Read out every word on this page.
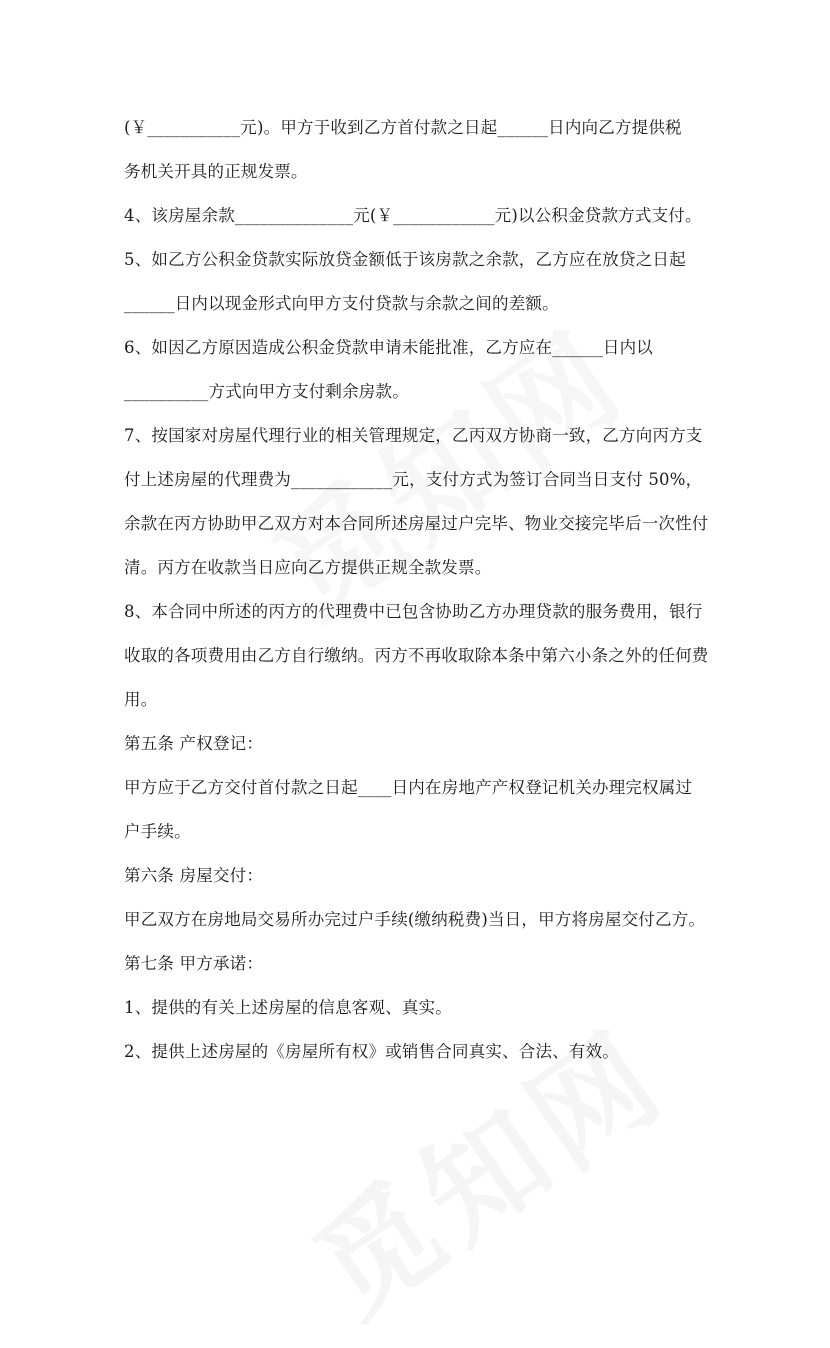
(￥___________元)。甲方于收到乙方首付款之日起______日内向乙方提供税
务机关开具的正规发票。
4、该房屋余款______________元(￥____________元)以公积金贷款方式支付。
5、如乙方公积金贷款实际放贷金额低于该房款之余款，乙方应在放贷之日起
______日内以现金形式向甲方支付贷款与余款之间的差额。
6、如因乙方原因造成公积金贷款申请未能批准，乙方应在______日内以
__________方式向甲方支付剩余房款。
7、按国家对房屋代理行业的相关管理规定，乙丙双方协商一致，乙方向丙方支
付上述房屋的代理费为____________元，支付方式为签订合同当日支付 50%，
余款在丙方协助甲乙双方对本合同所述房屋过户完毕、物业交接完毕后一次性付
清。丙方在收款当日应向乙方提供正规全款发票。
8、本合同中所述的丙方的代理费中已包含协助乙方办理贷款的服务费用，银行
收取的各项费用由乙方自行缴纳。丙方不再收取除本条中第六小条之外的任何费
用。
第五条 产权登记：
甲方应于乙方交付首付款之日起____日内在房地产产权登记机关办理完权属过
户手续。
第六条 房屋交付：
甲乙双方在房地局交易所办完过户手续(缴纳税费)当日，甲方将房屋交付乙方。
第七条 甲方承诺：
1、提供的有关上述房屋的信息客观、真实。
2、提供上述房屋的《房屋所有权》或销售合同真实、合法、有效。
